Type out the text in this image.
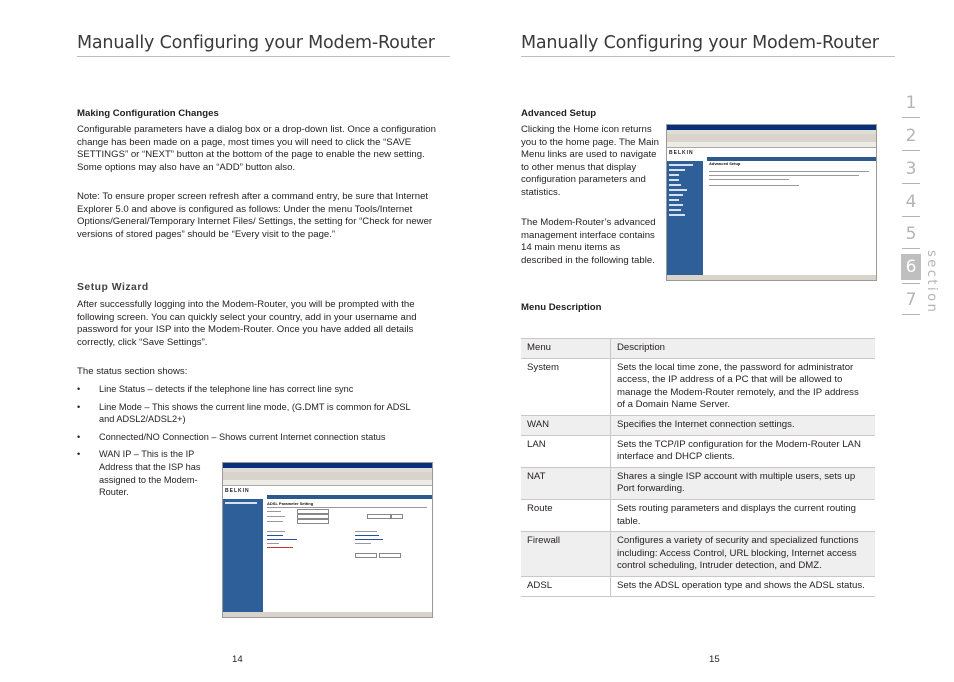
Manually Configuring your Modem-Router
Making Configuration Changes

Configurable parameters have a dialog box or a drop-down list. Once a configuration change has been made on a page, most times you will need to click the “SAVE SETTINGS” or “NEXT” button at the bottom of the page to enable the new setting. Some options may also have an “ADD” button also.

Note: To ensure proper screen refresh after a command entry, be sure that Internet Explorer 5.0 and above is configured as follows: Under the menu Tools/Internet Options/General/Temporary Internet Files/ Settings, the setting for “Check for newer versions of stored pages” should be “Every visit to the page.”

Setup Wizard

After successfully logging into the Modem-Router, you will be prompted with the following screen. You can quickly select your country, add in your username and password for your ISP into the Modem-Router. Once you have added all details correctly, click “Save Settings”.

The status section shows:

• Line Status – detects if the telephone line has correct line sync
• Line Mode – This shows the current line mode, (G.DMT is common for ADSL and ADSL2/ADSL2+)
• Connected/NO Connection – Shows current Internet connection status
• WAN IP – This is the IP Address that the ISP has assigned to the Modem-Router.	BELKIN
ADSL Parameter Setting
14
Manually Configuring your Modem-Router
Advanced Setup

Clicking the Home icon returns you to the home page. The Main Menu links are used to navigate to other menus that display configuration parameters and statistics.

The Modem-Router’s advanced management interface contains 14 main menu items as described in the following table.

BELKIN
Advanced Setup
Menu Description
Menu	Description
System	Sets the local time zone, the password for administrator access, the IP address of a PC that will be allowed to manage the Modem-Router remotely, and the IP address of a Domain Name Server.
WAN	Specifies the Internet connection settings.
LAN	Sets the TCP/IP configuration for the Modem-Router LAN interface and DHCP clients.
NAT	Shares a single ISP account with multiple users, sets up Port forwarding.
Route	Sets routing parameters and displays the current routing table.
Firewall	Configures a variety of security and specialized functions including: Access Control, URL blocking, Internet access control scheduling, Intruder detection, and DMZ.
ADSL	Sets the ADSL operation type and shows the ADSL status.
15
1
2
3
4
5
6
7 section
